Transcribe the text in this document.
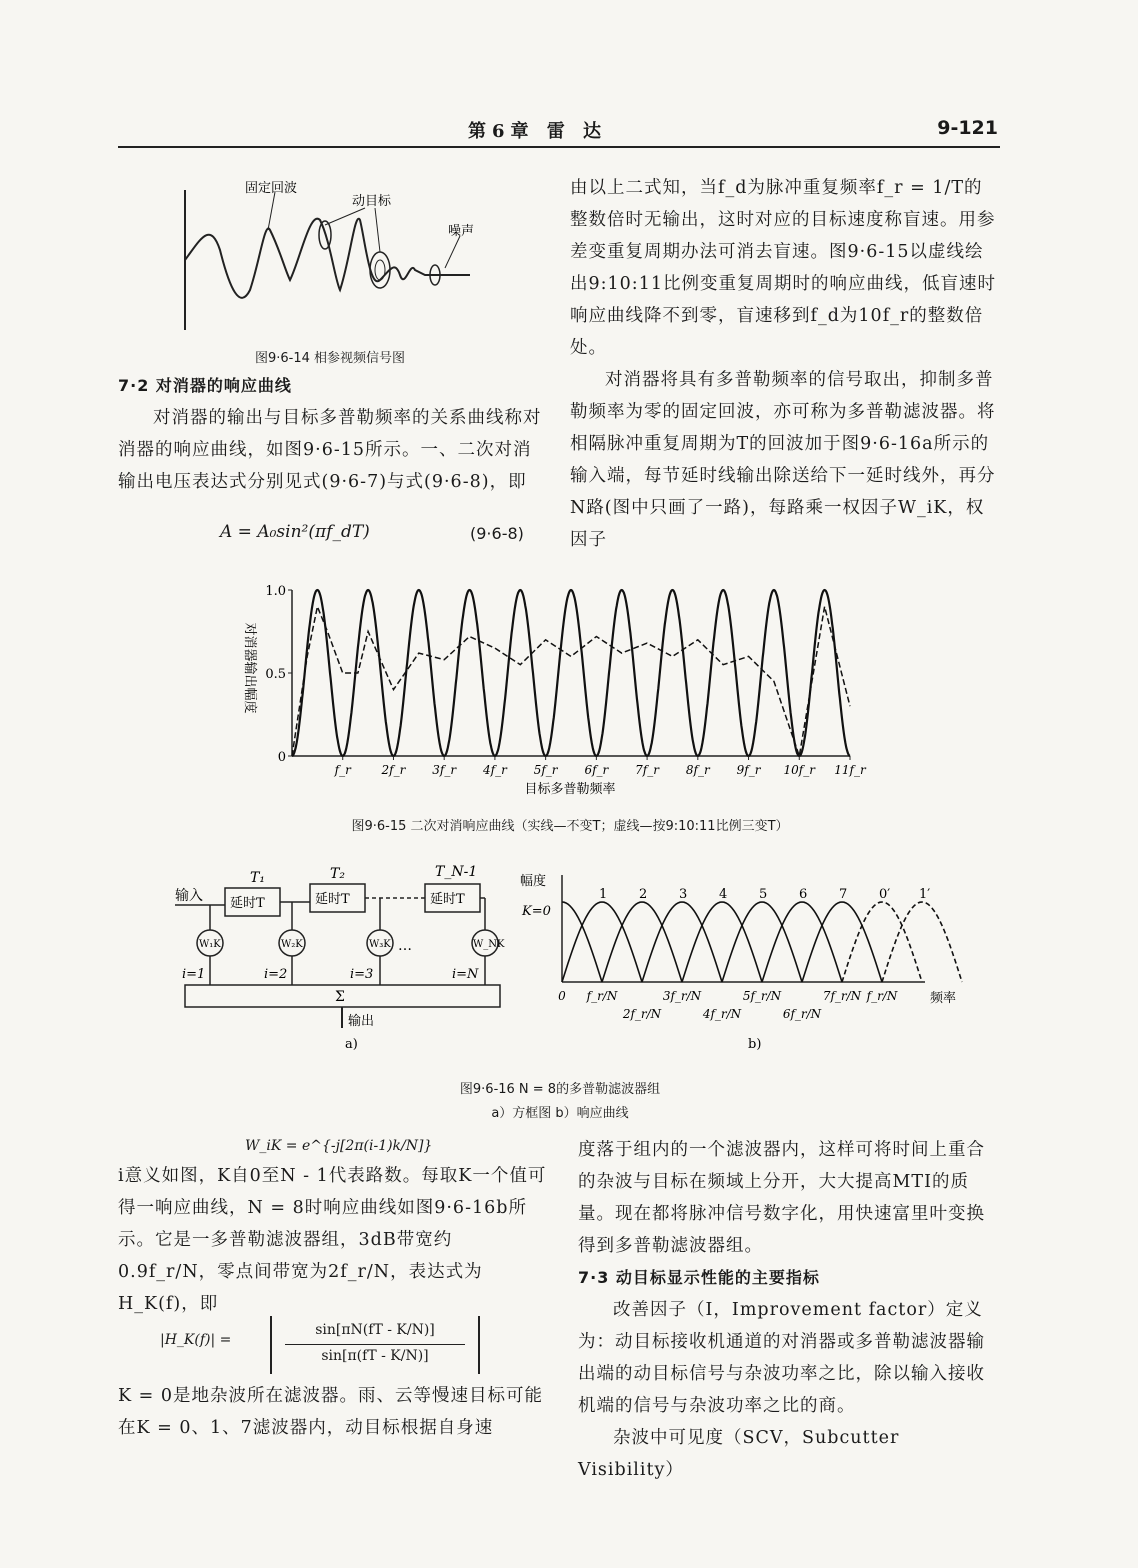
第6章 雷 达	9-121
固定回波
动目标
噪声
图9·6-14 相参视频信号图

7·2 对消器的响应曲线

对消器的输出与目标多普勒频率的关系曲线称对消器的响应曲线，如图9·6-15所示。一、二次对消输出电压表达式分别见式(9·6-7)与式(9·6-8)，即

A = A₀sin²(πf_dT)	(9·6-8)

由以上二式知，当f_d为脉冲重复频率f_r = 1/T的整数倍时无输出，这时对应的目标速度称盲速。用参差变重复周期办法可消去盲速。图9·6-15以虚线绘出9:10:11比例变重复周期时的响应曲线，低盲速时响应曲线降不到零，盲速移到f_d为10f_r的整数倍处。

对消器将具有多普勒频率的信号取出，抑制多普勒频率为零的固定回波，亦可称为多普勒滤波器。将相隔脉冲重复周期为T的回波加于图9·6-16a所示的输入端，每节延时线输出除送给下一延时线外，再分N路(图中只画了一路)，每路乘一权因子W_iK，权因子

0
0.5
1.0
f_r	2f_r 3f_r 4f_r 5f_r 6f_r 7f_r 8f_r 9f_r 10f_r 11f_r
对消器输出幅度
目标多普勒频率
图9·6-15 二次对消响应曲线（实线—不变T；虚线—按9:10:11比例三变T）
输入
T₁
延时T
T₂
延时T
T_N-1
延时T
W₁K	W₂K	W₃K	W_NK
…
i=1	i=2	i=3	i=N
Σ
输出
a)
1 2 3 4 5 6 7 0′ 1′
0 f_r/N	3f_r/N	5f_r/N	7f_r/N f_r/N
2f_r/N	4f_r/N	6f_r/N
幅度
K=0
频率
b)
图9·6-16 N = 8的多普勒滤波器组
a）方框图 b）响应曲线
W_iK = e^{-j[2π(i-1)k/N]}

i意义如图，K自0至N - 1代表路数。每取K一个值可得一响应曲线，N = 8时响应曲线如图9·6-16b所示。它是一多普勒滤波器组，3dB带宽约0.9f_r/N，零点间带宽为2f_r/N，表达式为H_K(f)，即

|H_K(f)| =
sin[πN(fT - K/N)]
sin[π(fT - K/N)]

K = 0是地杂波所在滤波器。雨、云等慢速目标可能在K = 0、1、7滤波器内，动目标根据自身速

度落于组内的一个滤波器内，这样可将时间上重合的杂波与目标在频域上分开，大大提高MTI的质量。现在都将脉冲信号数字化，用快速富里叶变换得到多普勒滤波器组。

7·3 动目标显示性能的主要指标

改善因子（I，Improvement factor）定义为：动目标接收机通道的对消器或多普勒滤波器输出端的动目标信号与杂波功率之比，除以输入接收机端的信号与杂波功率之比的商。

杂波中可见度（SCV，Subcutter Visibility）
